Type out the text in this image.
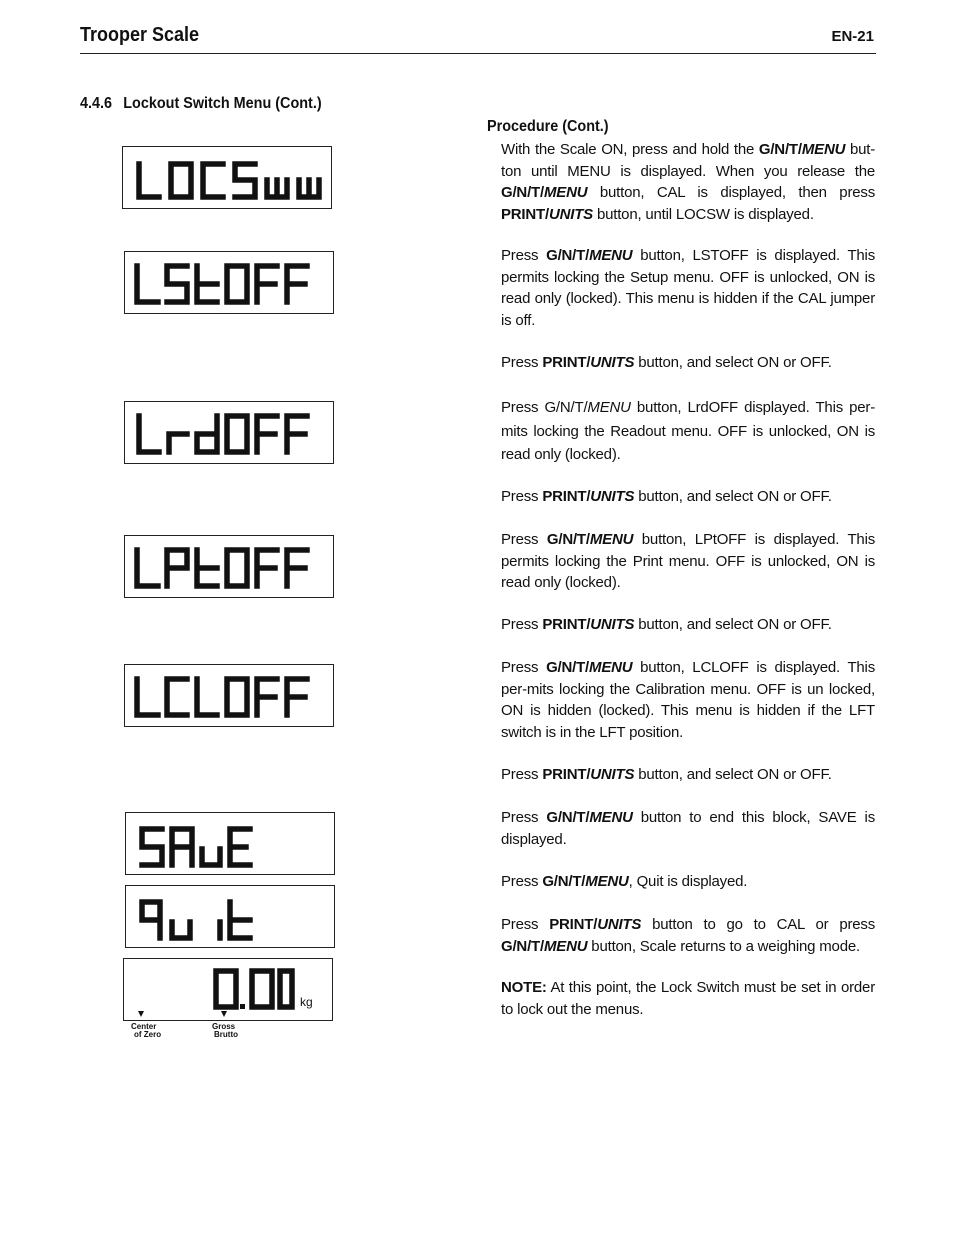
Trooper Scale	EN-21
4.4.6 Lockout Switch Menu (Cont.)
Procedure (Cont.)
kg
Center
of Zero
Gross
Brutto
With the Scale ON, press and hold the G/N/T/MENU but-ton until MENU is displayed. When you release the G/N/T/MENU button, CAL is displayed, then press PRINT/UNITS button, until LOCSW is displayed.
Press G/N/T/MENU button, LSTOFF is displayed. This permits locking the Setup menu. OFF is unlocked, ON is read only (locked). This menu is hidden if the CAL jumper is off.
Press PRINT/UNITS button, and select ON or OFF.
Press G/N/T/MENU button, LrdOFF displayed. This per-mits locking the Readout menu. OFF is unlocked, ON is read only (locked).
Press PRINT/UNITS button, and select ON or OFF.
Press G/N/T/MENU button, LPtOFF is displayed. This permits locking the Print menu. OFF is unlocked, ON is read only (locked).
Press PRINT/UNITS button, and select ON or OFF.
Press G/N/T/MENU button, LCLOFF is displayed. This per-mits locking the Calibration menu. OFF is un locked, ON is hidden (locked). This menu is hidden if the LFT switch is in the LFT position.
Press PRINT/UNITS button, and select ON or OFF.
Press G/N/T/MENU button to end this block, SAVE is displayed.
Press G/N/T/MENU, Quit is displayed.
Press PRINT/UNITS button to go to CAL or press G/N/T/MENU button, Scale returns to a weighing mode.
NOTE: At this point, the Lock Switch must be set in order to lock out the menus.
